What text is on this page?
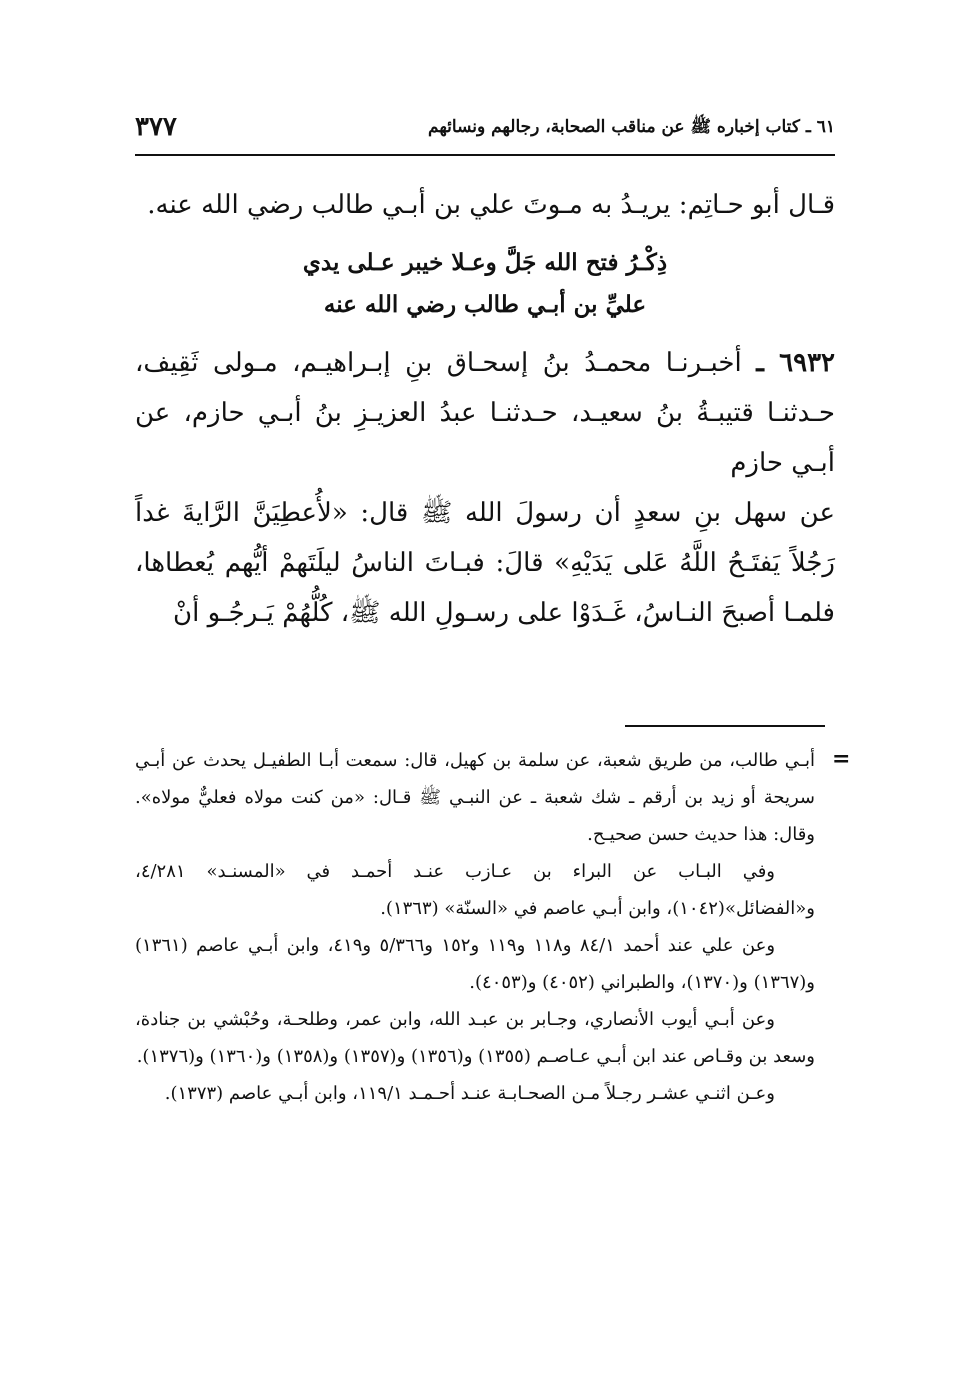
٦١ ـ كتاب إخباره ﷺ عن مناقب الصحابة، رجالهم ونسائهم
٣٧٧

قـال أبو حـاتِم: يريـدُ به مـوتَ علي بن أبـي طالب رضي الله عنه.

ذِكْـرُ فتح الله جَلَّ وعـلا خيبر عـلى يدي
عليِّ بن أبـي طالب رضي الله عنه

٦٩٣٢ ـ أخبـرنـا محمـدُ بنُ إسحـاق بنِ إبـراهيـم، مـولى ثَقِيف، حـدثنـا قتيبـةُ بنُ سعيـد، حـدثنـا عبدُ العزيـزِ بنُ أبـي حازم، عن أبـي حازم

عن سهل بنِ سعدٍ أن رسولَ الله ﷺ قال: «لأُعطِيَنَّ الرَّايةَ غداً رَجُلاً يَفتَـحُ اللَّهُ عَلى يَدَيْهِ» قالَ: فبـاتَ الناسُ ليلَتَهمْ أيُّهم يُعطاها، فلمـا أصبحَ النـاسُ، غَـدَوْا على رسـولِ الله ﷺ، كُلُّهُمْ يَـرجُـو أنْ

=

أبـي طالب، من طريق شعبة، عن سلمة بن كهيل، قال: سمعت أبـا الطفيـل يحدث عن أبـي سريحة أو زيد بن أرقم ـ شك شعبة ـ عن النبـي ﷺ قـال: «من كنت مولاه فعليٌّ مولاه». وقال: هذا حديث حسن صحيـح.

وفي البـاب عن البراء بن عـازب عنـد أحمـد في «المسنـد» ٤/٢٨١، و«الفضائل»(١٠٤٢)، وابن أبـي عاصم في «السنّة» (١٣٦٣).

وعن علي عند أحمد ٨٤/١ و١١٨ و١١٩ و١٥٢ و٥/٣٦٦ و٤١٩، وابن أبـي عاصم (١٣٦١) و(١٣٦٧) و(١٣٧٠)، والطبراني (٤٠٥٢) و(٤٠٥٣).

وعن أبـي أيوب الأنصاري، وجـابر بن عبـد الله، وابن عمر، وطلحـة، وحُبْشي بن جنادة، وسعد بن وقـاص عند ابن أبـي عـاصـم (١٣٥٥) و(١٣٥٦) و(١٣٥٧) و(١٣٥٨) و(١٣٦٠) و(١٣٧٦).

وعـن اثنـي عشـر رجـلاً مـن الصحـابـة عنـد أحـمـد ١١٩/١، وابن أبـي عاصم (١٣٧٣).
